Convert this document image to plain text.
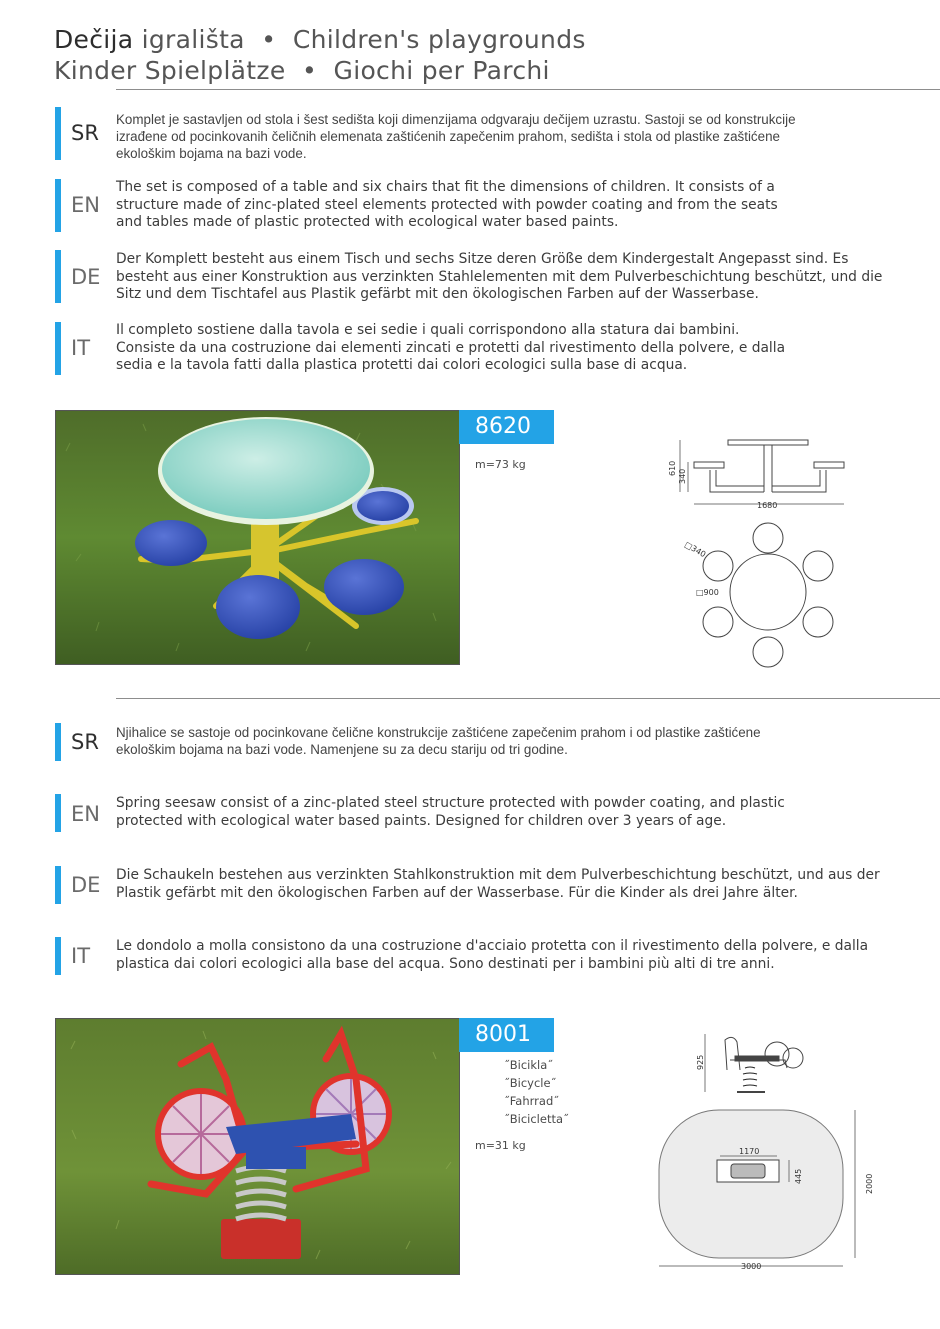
Dečija igrališta  •  Children's playgrounds
Kinder Spielplätze  •  Giochi per Parchi
SR
Komplet je sastavljen od stola i šest sedišta koji dimenzijama odgvaraju dečijem uzrastu. Sastoji se od konstrukcije izrađene od pocinkovanih čeličnih elemenata zaštićenih zapečenim prahom, sedišta i stola od plastike zaštićene ekološkim bojama na bazi vode.
EN
The set is composed of a table and six chairs that fit the dimensions of children. It consists of a structure made of zinc-plated steel elements protected with powder coating and from the seats and tables made of plastic protected with ecological water based paints.
DE
Der Komplett besteht aus einem Tisch und sechs Sitze deren Größe dem Kindergestalt Angepasst sind. Es besteht aus einer Konstruktion aus verzinkten Stahlelementen mit dem Pulverbeschichtung beschützt, und die Sitz und dem Tischtafel aus Plastik gefärbt mit den ökologischen Farben auf der Wasserbase.
IT
Il completo sostiene dalla tavola e sei sedie i quali corrispondono alla statura dai bambini. Consiste da una costruzione dai elementi zincati e protetti dal rivestimento della polvere, e dalla sedia e la tavola fatti dalla plastica protetti dai colori ecologici sulla base di acqua.
8620
m=73 kg	610
340
1680
□340
□900
SR Njihalice se sastoje od pocinkovane čelične konstrukcije zaštićene zapečenim prahom i od plastike zaštićene ekološkim bojama na bazi vode. Namenjene su za decu stariju od tri godine.
EN Spring seesaw consist of a zinc-plated steel structure protected with powder coating, and plastic protected with ecological water based paints. Designed for children over 3 years of age.
DE Die Schaukeln bestehen aus verzinkten Stahlkonstruktion mit dem Pulverbeschichtung beschützt, und aus der Plastik gefärbt mit den ökologischen Farben auf der Wasserbase. Für die Kinder als drei Jahre älter.
IT Le dondolo a molla consistono da una costruzione d'acciaio protetta con il rivestimento della polvere, e dalla plastica dai colori ecologici alla base del acqua. Sono destinati per i bambini più alti di tre anni.
8001
˝Bicikla˝
˝Bicycle˝
˝Fahrrad˝
˝Bicicletta˝
m=31 kg
925
1170
445	2000
3000
